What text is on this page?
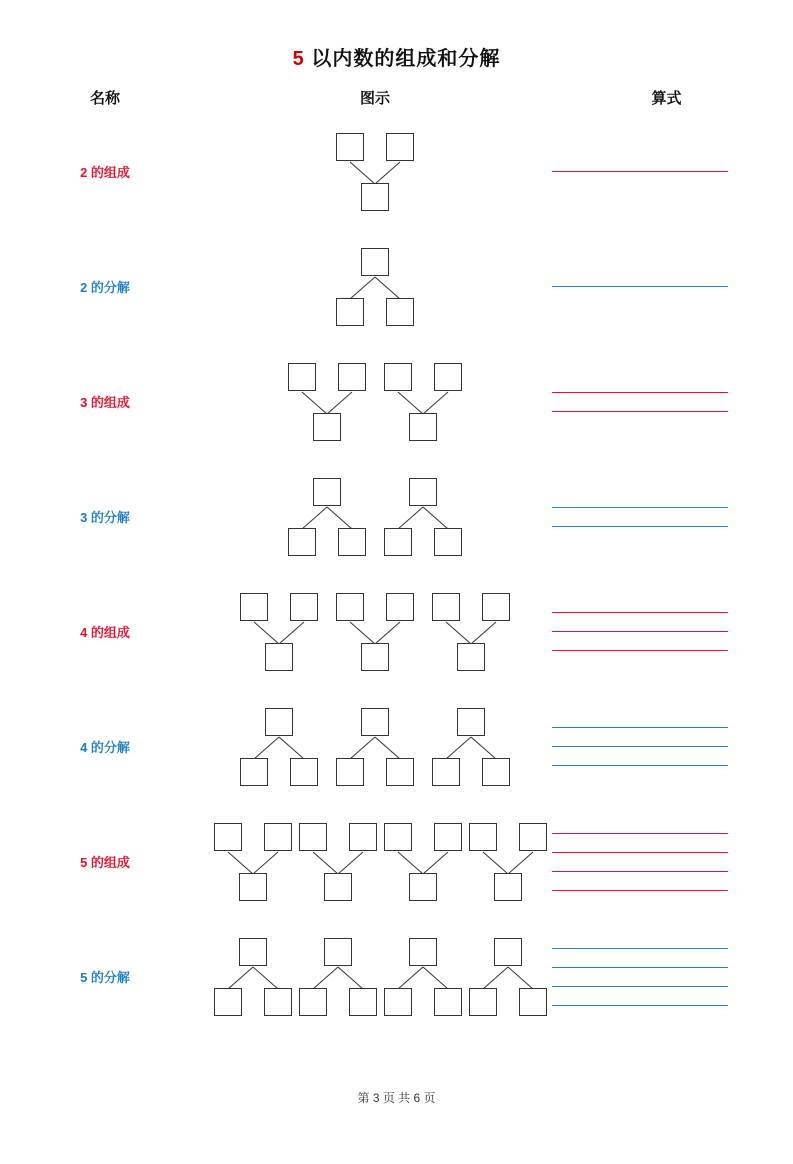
5 以内数的组成和分解
名称	图示	算式
2 的组成
2 的分解
3 的组成
3 的分解
4 的组成
4 的分解
5 的组成
5 的分解
第 3 页 共 6 页
